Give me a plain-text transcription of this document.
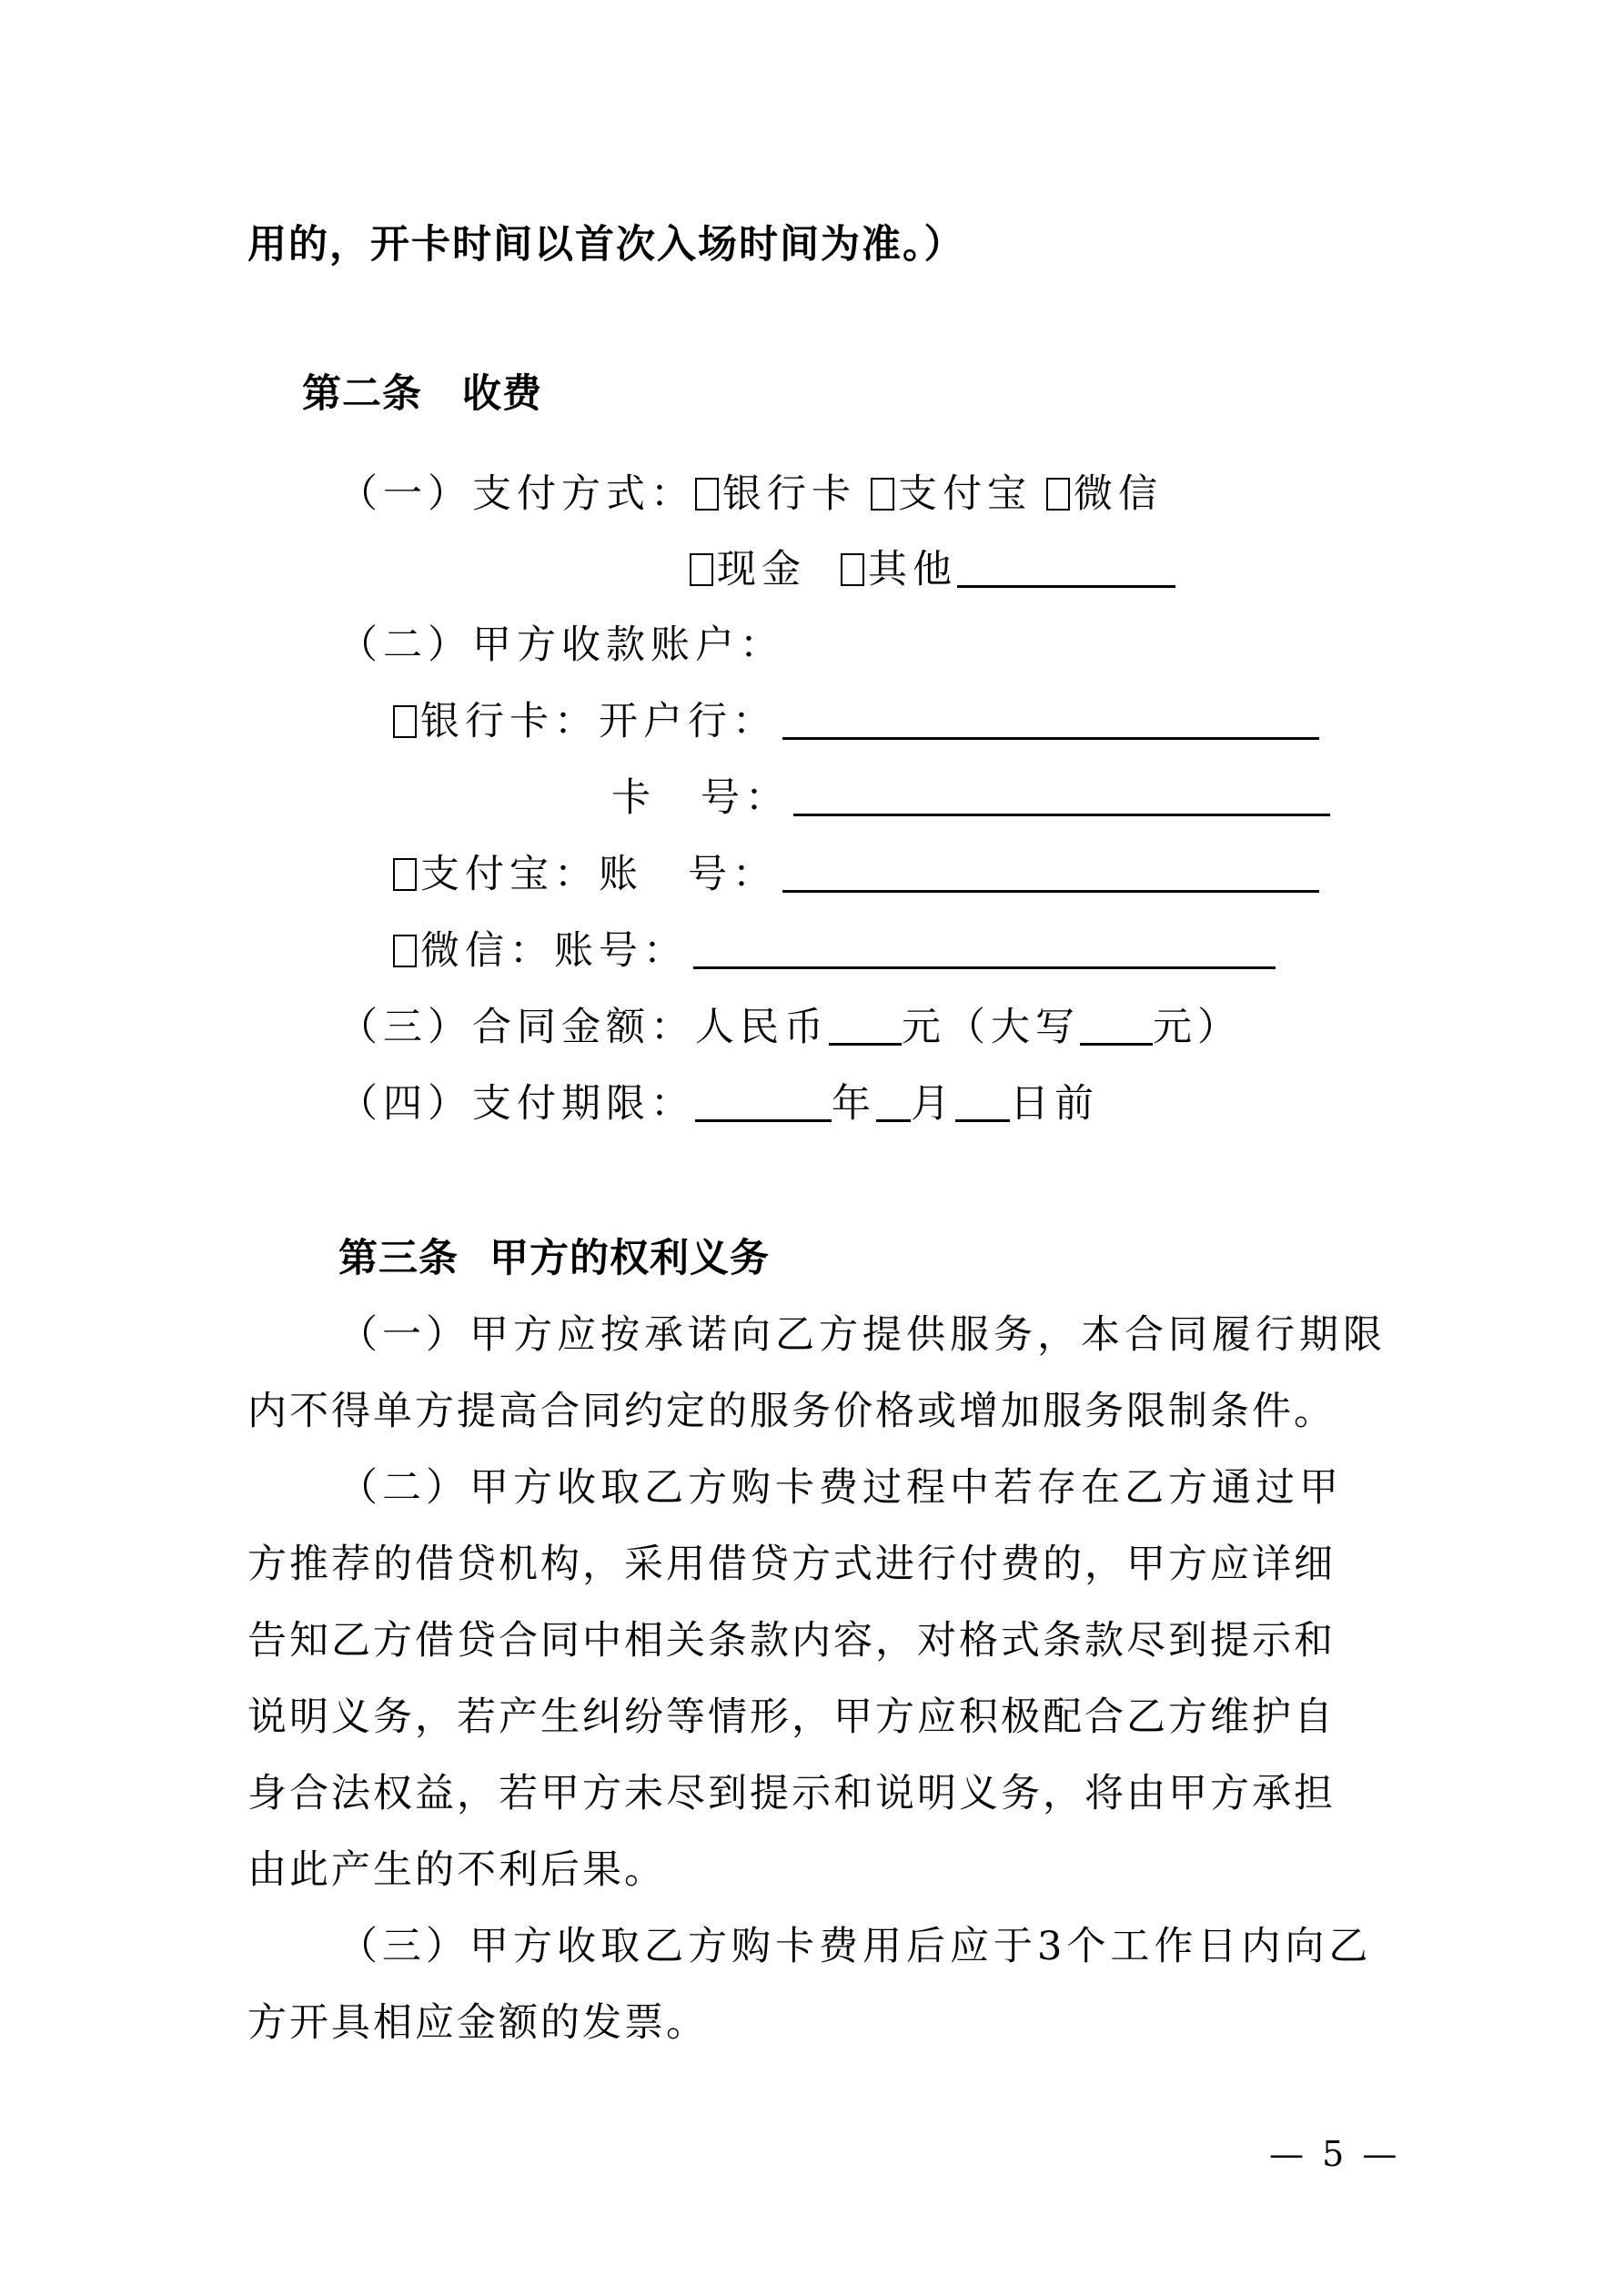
用的，开卡时间以首次入场时间为准。）
第二条 收费
（一）支付方式： 银行卡 支付宝 微信
现金 其他
（二）甲方收款账户：
银行卡：开户行：
卡　号：
支付宝：账　号：
微信：账号：
（三）合同金额：人民币 元（大写 元）
（四）支付期限：	年 月 日前
第三条 甲方的权利义务
（一）甲方应按承诺向乙方提供服务，本合同履行期限
内不得单方提高合同约定的服务价格或增加服务限制条件。
（二）甲方收取乙方购卡费过程中若存在乙方通过甲
方推荐的借贷机构，采用借贷方式进行付费的，甲方应详细
告知乙方借贷合同中相关条款内容，对格式条款尽到提示和
说明义务，若产生纠纷等情形，甲方应积极配合乙方维护自
身合法权益，若甲方未尽到提示和说明义务，将由甲方承担
由此产生的不利后果。
（三）甲方收取乙方购卡费用后应于3个工作日内向乙
方开具相应金额的发票。
— 5 —
